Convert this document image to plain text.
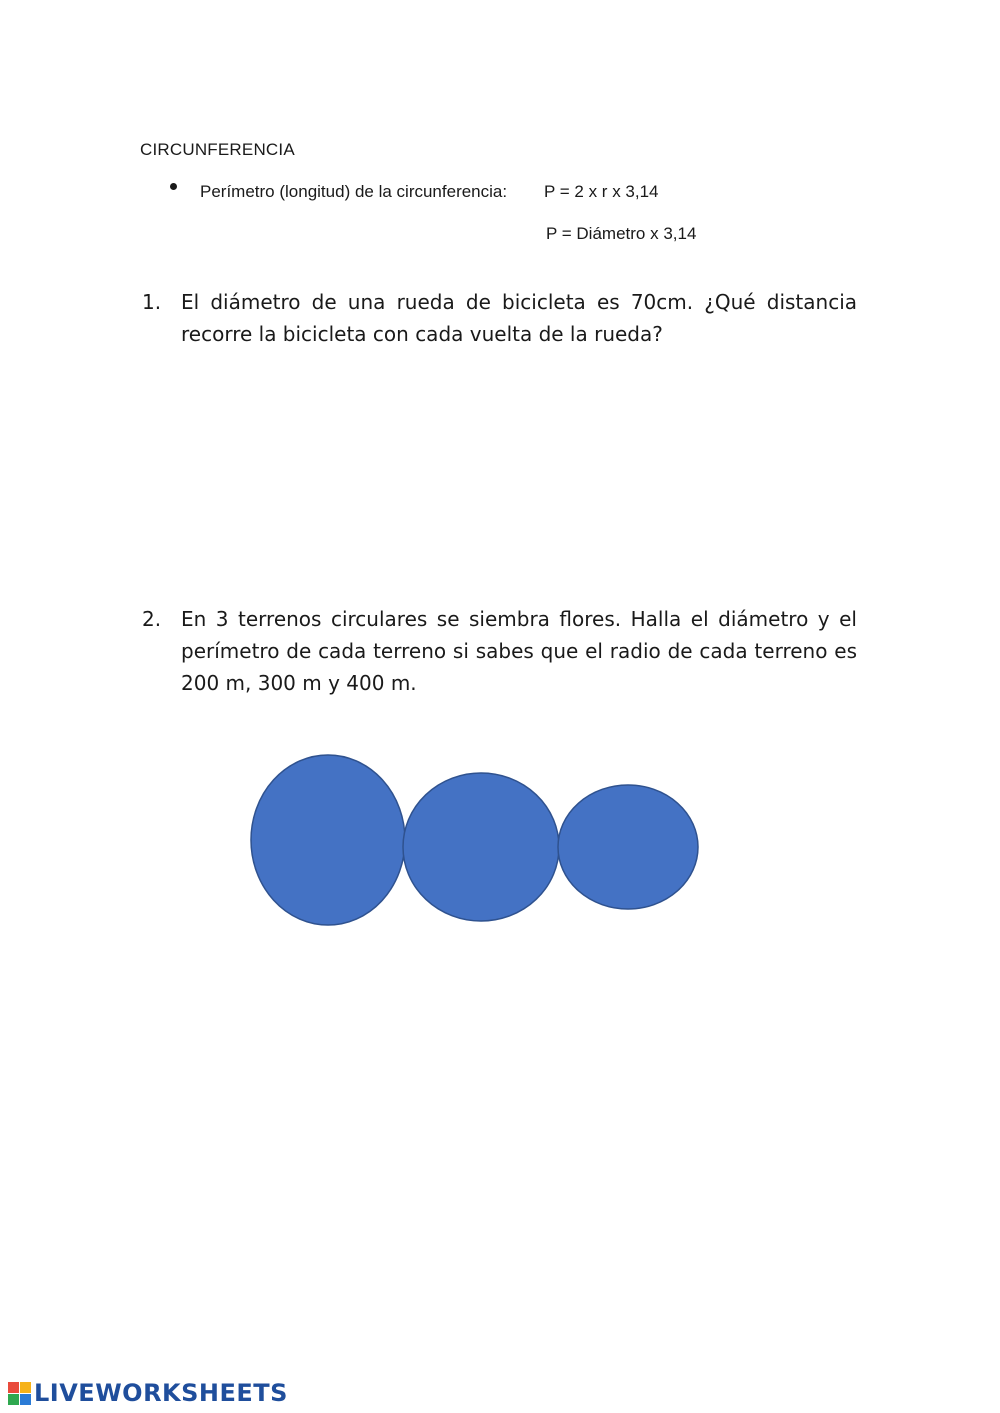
CIRCUNFERENCIA
Perímetro (longitud) de la circunferencia: P = 2 x r x 3,14
P = Diámetro x 3,14
1. El diámetro de una rueda de bicicleta es 70cm. ¿Qué distancia recorre la bicicleta con cada vuelta de la rueda?
2. En 3 terrenos circulares se siembra flores. Halla el diámetro y el perímetro de cada terreno si sabes que el radio de cada terreno es 200 m, 300 m y 400 m.
LIVEWORKSHEETS
